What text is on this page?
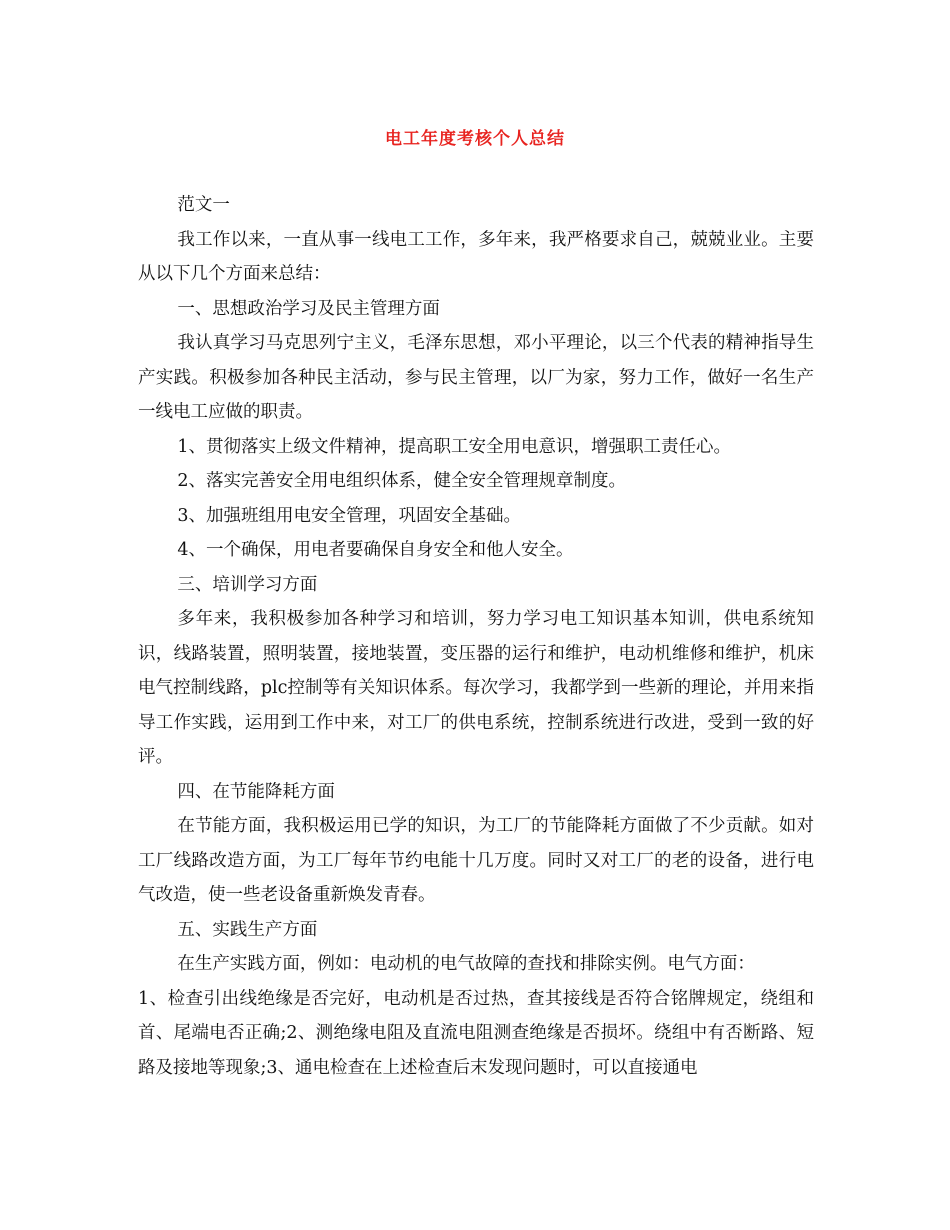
电工年度考核个人总结

范文一

我工作以来，一直从事一线电工工作，多年来，我严格要求自己，兢兢业业。主要从以下几个方面来总结：

一、思想政治学习及民主管理方面

我认真学习马克思列宁主义，毛泽东思想，邓小平理论，以三个代表的精神指导生产实践。积极参加各种民主活动，参与民主管理，以厂为家，努力工作，做好一名生产一线电工应做的职责。

1、贯彻落实上级文件精神，提高职工安全用电意识，增强职工责任心。

2、落实完善安全用电组织体系，健全安全管理规章制度。

3、加强班组用电安全管理，巩固安全基础。

4、一个确保，用电者要确保自身安全和他人安全。

三、培训学习方面

多年来，我积极参加各种学习和培训，努力学习电工知识基本知训，供电系统知识，线路装置，照明装置，接地装置，变压器的运行和维护，电动机维修和维护，机床电气控制线路，plc控制等有关知识体系。每次学习，我都学到一些新的理论，并用来指导工作实践，运用到工作中来，对工厂的供电系统，控制系统进行改进，受到一致的好评。

四、在节能降耗方面

在节能方面，我积极运用已学的知识，为工厂的节能降耗方面做了不少贡献。如对工厂线路改造方面，为工厂每年节约电能十几万度。同时又对工厂的老的设备，进行电气改造，使一些老设备重新焕发青春。

五、实践生产方面

在生产实践方面，例如：电动机的电气故障的查找和排除实例。电气方面：

1、检查引出线绝缘是否完好，电动机是否过热，查其接线是否符合铭牌规定，绕组和首、尾端电否正确;2、测绝缘电阻及直流电阻测查绝缘是否损坏。绕组中有否断路、短路及接地等现象;3、通电检查在上述检查后末发现问题时，可以直接通电
